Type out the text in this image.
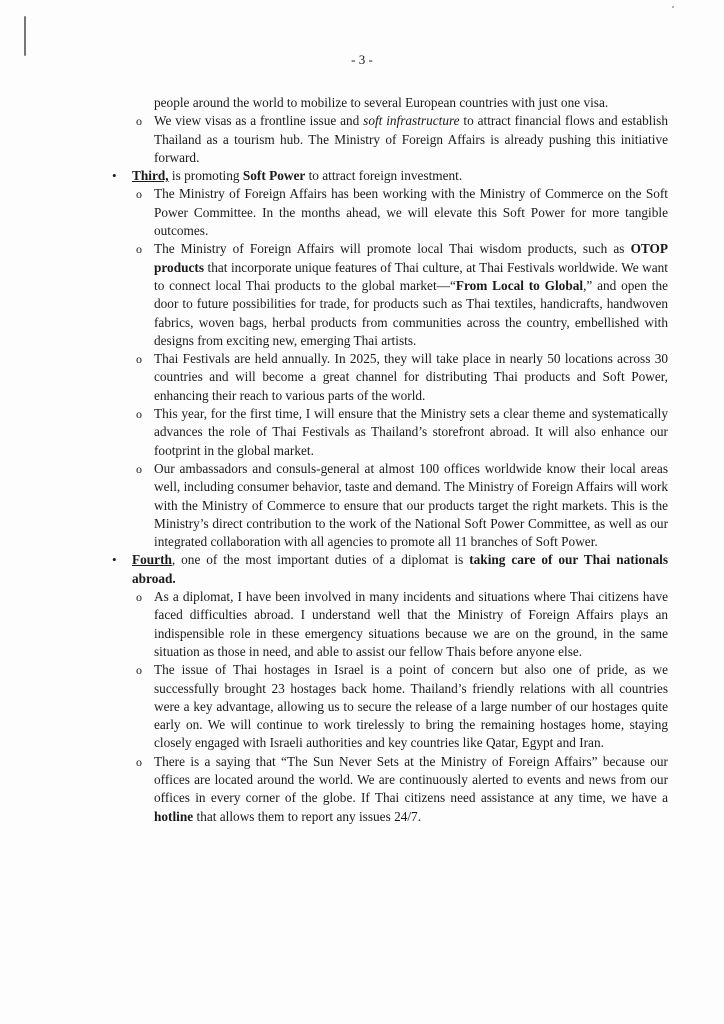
- 3 -

people around the world to mobilize to several European countries with just one visa.

o We view visas as a frontline issue and soft infrastructure to attract financial flows and establish Thailand as a tourism hub. The Ministry of Foreign Affairs is already pushing this initiative forward.
• Third, is promoting Soft Power to attract foreign investment.
o The Ministry of Foreign Affairs has been working with the Ministry of Commerce on the Soft Power Committee. In the months ahead, we will elevate this Soft Power for more tangible outcomes.
o The Ministry of Foreign Affairs will promote local Thai wisdom products, such as OTOP products that incorporate unique features of Thai culture, at Thai Festivals worldwide. We want to connect local Thai products to the global market—“From Local to Global,” and open the door to future possibilities for trade, for products such as Thai textiles, handicrafts, handwoven fabrics, woven bags, herbal products from communities across the country, embellished with designs from exciting new, emerging Thai artists.
o Thai Festivals are held annually. In 2025, they will take place in nearly 50 locations across 30 countries and will become a great channel for distributing Thai products and Soft Power, enhancing their reach to various parts of the world.
o This year, for the first time, I will ensure that the Ministry sets a clear theme and systematically advances the role of Thai Festivals as Thailand’s storefront abroad. It will also enhance our footprint in the global market.
o Our ambassadors and consuls-general at almost 100 offices worldwide know their local areas well, including consumer behavior, taste and demand. The Ministry of Foreign Affairs will work with the Ministry of Commerce to ensure that our products target the right markets. This is the Ministry’s direct contribution to the work of the National Soft Power Committee, as well as our integrated collaboration with all agencies to promote all 11 branches of Soft Power.
• Fourth, one of the most important duties of a diplomat is taking care of our Thai nationals abroad.
o As a diplomat, I have been involved in many incidents and situations where Thai citizens have faced difficulties abroad. I understand well that the Ministry of Foreign Affairs plays an indispensible role in these emergency situations because we are on the ground, in the same situation as those in need, and able to assist our fellow Thais before anyone else.
o The issue of Thai hostages in Israel is a point of concern but also one of pride, as we successfully brought 23 hostages back home. Thailand’s friendly relations with all countries were a key advantage, allowing us to secure the release of a large number of our hostages quite early on. We will continue to work tirelessly to bring the remaining hostages home, staying closely engaged with Israeli authorities and key countries like Qatar, Egypt and Iran.
o There is a saying that “The Sun Never Sets at the Ministry of Foreign Affairs” because our offices are located around the world. We are continuously alerted to events and news from our offices in every corner of the globe. If Thai citizens need assistance at any time, we have a hotline that allows them to report any issues 24/7.
